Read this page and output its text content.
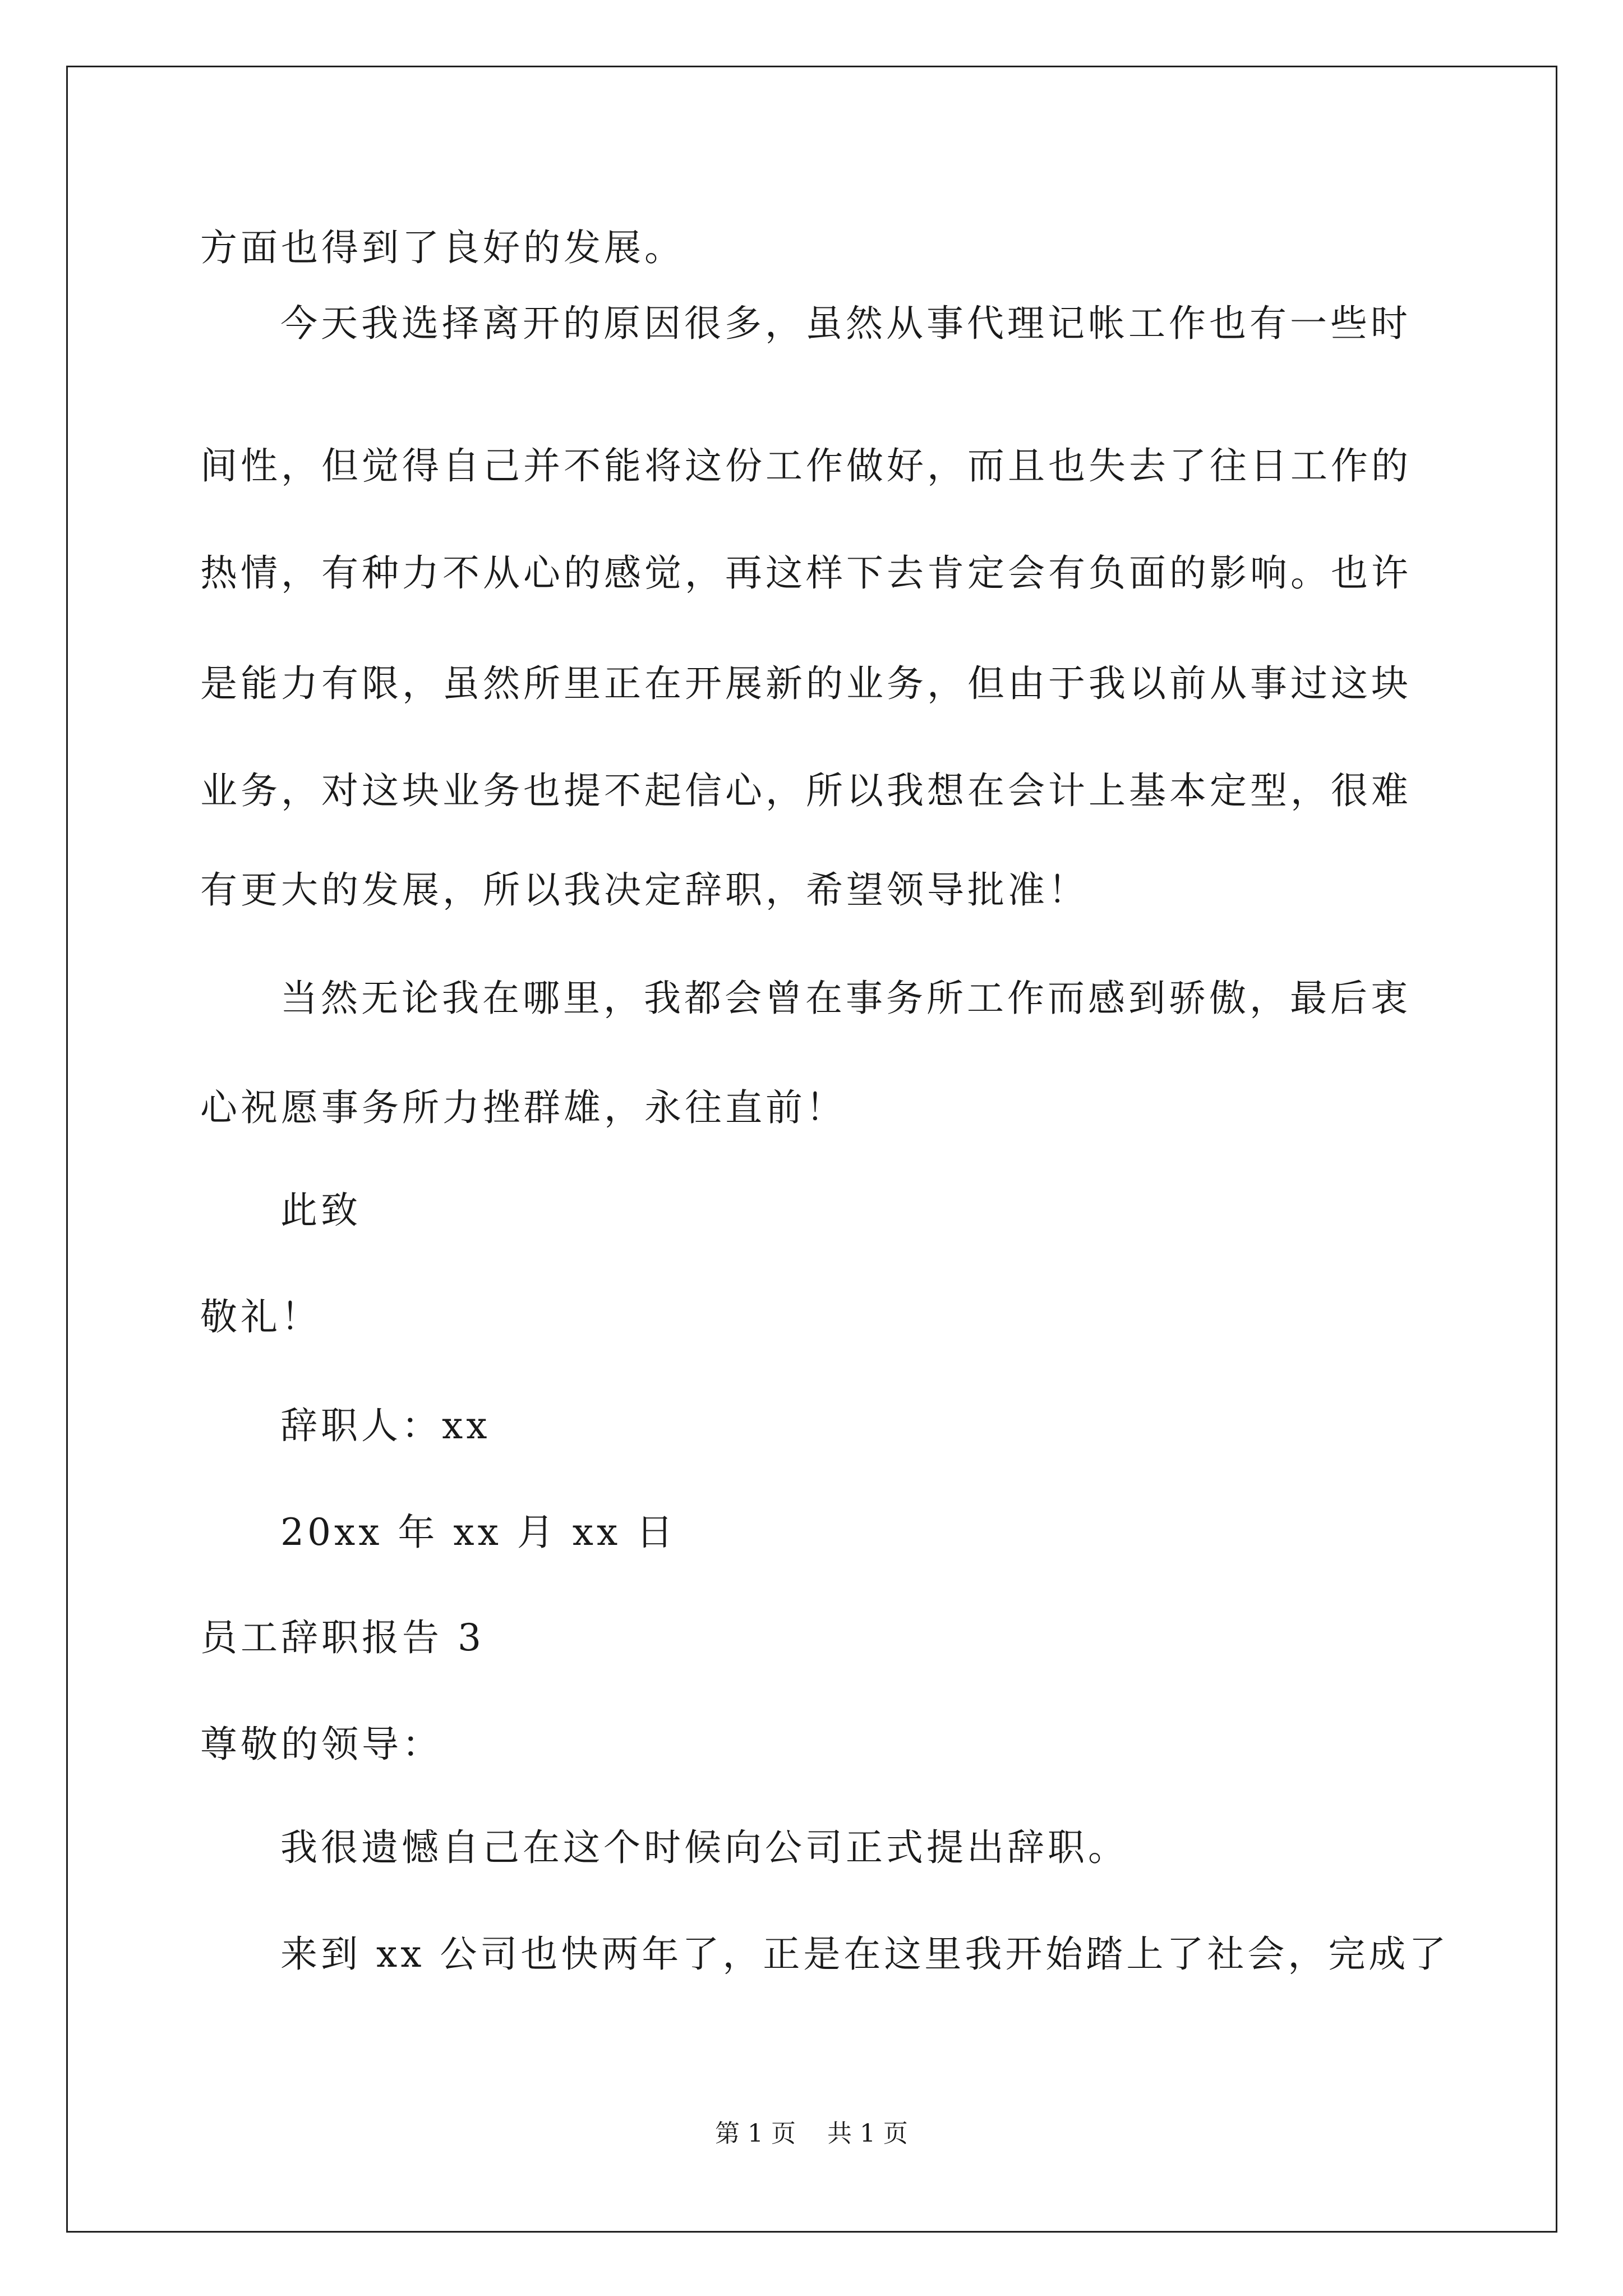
方面也得到了良好的发展。
今天我选择离开的原因很多，虽然从事代理记帐工作也有一些时
间性，但觉得自己并不能将这份工作做好，而且也失去了往日工作的
热情，有种力不从心的感觉，再这样下去肯定会有负面的影响。也许
是能力有限，虽然所里正在开展新的业务，但由于我以前从事过这块
业务，对这块业务也提不起信心，所以我想在会计上基本定型，很难
有更大的发展，所以我决定辞职，希望领导批准！
当然无论我在哪里，我都会曾在事务所工作而感到骄傲，最后衷
心祝愿事务所力挫群雄，永往直前！
此致
敬礼！
辞职人：xx
20xx 年 xx 月 xx 日
员工辞职报告 3
尊敬的领导：
我很遗憾自己在这个时候向公司正式提出辞职。
来到 xx 公司也快两年了，正是在这里我开始踏上了社会，完成了
第 1 页    共 1 页
